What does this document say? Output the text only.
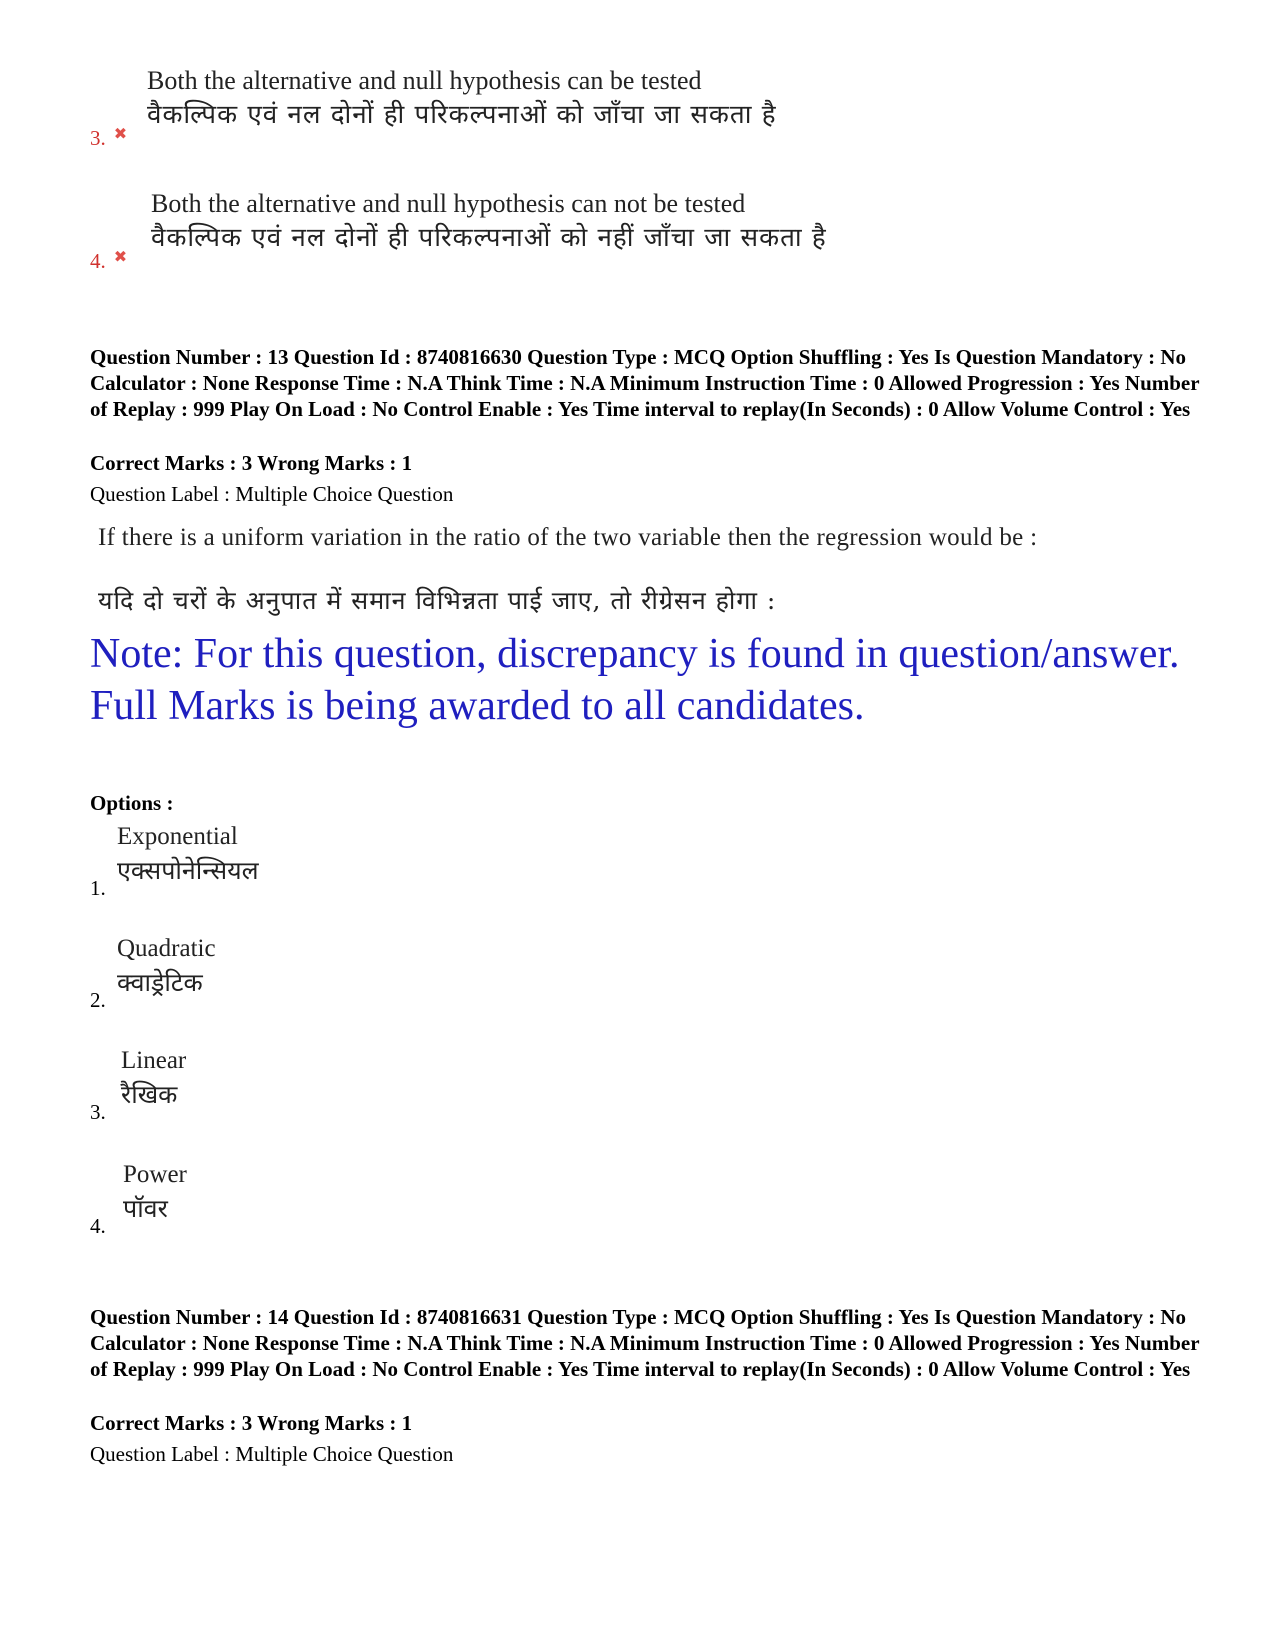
Both the alternative and null hypothesis can be tested
वैकल्पिक एवं नल दोनों ही परिकल्पनाओं को जाँचा जा सकता है
3. ✖
Both the alternative and null hypothesis can not be tested
वैकल्पिक एवं नल दोनों ही परिकल्पनाओं को नहीं जाँचा जा सकता है
4. ✖
Question Number : 13 Question Id : 8740816630 Question Type : MCQ Option Shuffling : Yes Is Question Mandatory : No Calculator : None Response Time : N.A Think Time : N.A Minimum Instruction Time : 0 Allowed Progression : Yes Number of Replay : 999 Play On Load : No Control Enable : Yes Time interval to replay(In Seconds) : 0 Allow Volume Control : Yes
Correct Marks : 3 Wrong Marks : 1
Question Label : Multiple Choice Question
If there is a uniform variation in the ratio of the two variable then the regression would be :
यदि दो चरों के अनुपात में समान विभिन्नता पाई जाए, तो रीग्रेसन होगा :
Note: For this question, discrepancy is found in question/answer. Full Marks is being awarded to all candidates.
Options :
Exponential
एक्सपोनेन्सियल
1.
Quadratic
क्वाड्रेटिक
2.
Linear
रैखिक
3.
Power
पॉवर
4.
Question Number : 14 Question Id : 8740816631 Question Type : MCQ Option Shuffling : Yes Is Question Mandatory : No Calculator : None Response Time : N.A Think Time : N.A Minimum Instruction Time : 0 Allowed Progression : Yes Number of Replay : 999 Play On Load : No Control Enable : Yes Time interval to replay(In Seconds) : 0 Allow Volume Control : Yes
Correct Marks : 3 Wrong Marks : 1
Question Label : Multiple Choice Question
